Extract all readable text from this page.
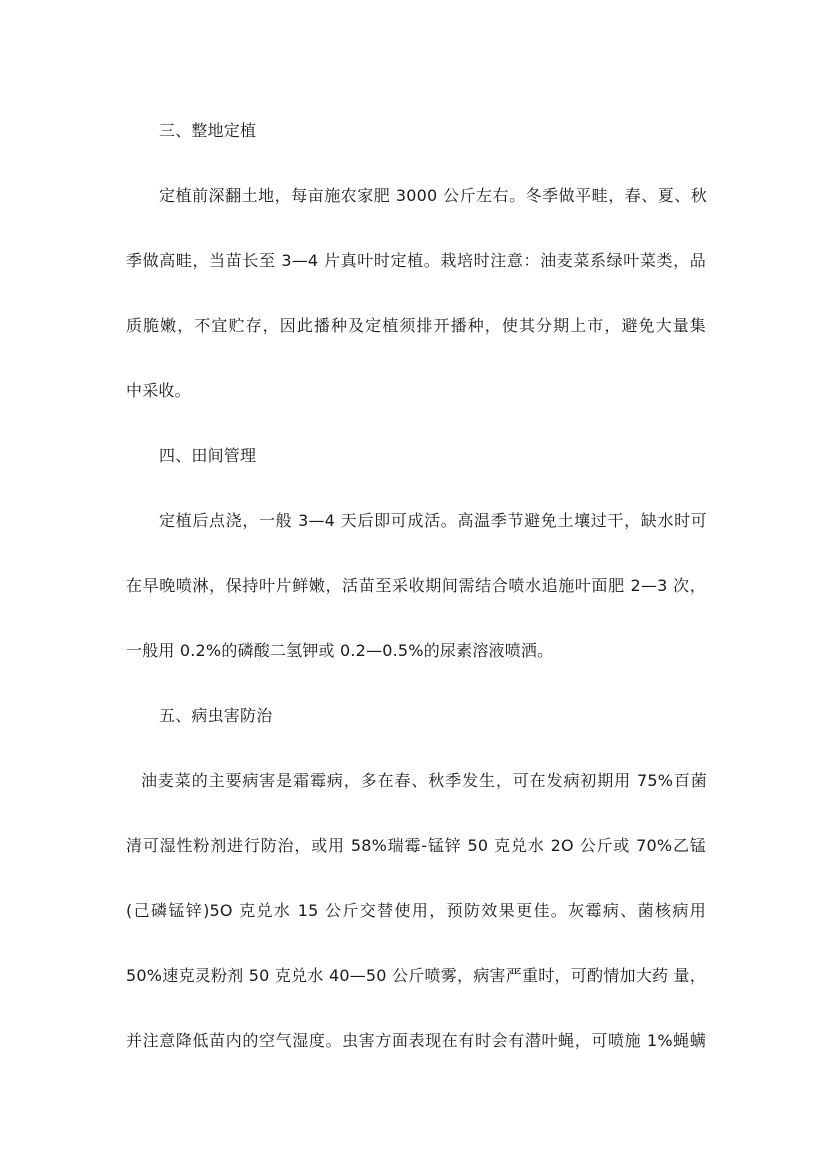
三、整地定植
定植前深翻土地，每亩施农家肥 3000 公斤左右。冬季做平畦，春、夏、秋
季做高畦，当苗长至 3—4 片真叶时定植。栽培时注意：油麦菜系绿叶菜类，品
质脆嫩，不宜贮存，因此播种及定植须排开播种，使其分期上市，避免大量集
中采收。
四、田间管理
定植后点浇，一般 3—4 天后即可成活。高温季节避免土壤过干，缺水时可
在早晚喷淋，保持叶片鲜嫩，活苗至采收期间需结合喷水追施叶面肥 2—3 次，
一般用 0.2%的磷酸二氢钾或 0.2—0.5%的尿素溶液喷洒。
五、病虫害防治
油麦菜的主要病害是霜霉病，多在春、秋季发生，可在发病初期用 75%百菌
清可湿性粉剂进行防治，或用 58%瑞霉-锰锌 50 克兑水 2O 公斤或 70%乙锰
(己磷锰锌)5O 克兑水 15 公斤交替使用，预防效果更佳。灰霉病、菌核病用
50%速克灵粉剂 50 克兑水 40—50 公斤喷雾，病害严重时，可酌情加大药 量，
并注意降低苗内的空气湿度。虫害方面表现在有时会有潜叶蝇，可喷施 1%蝇螨
